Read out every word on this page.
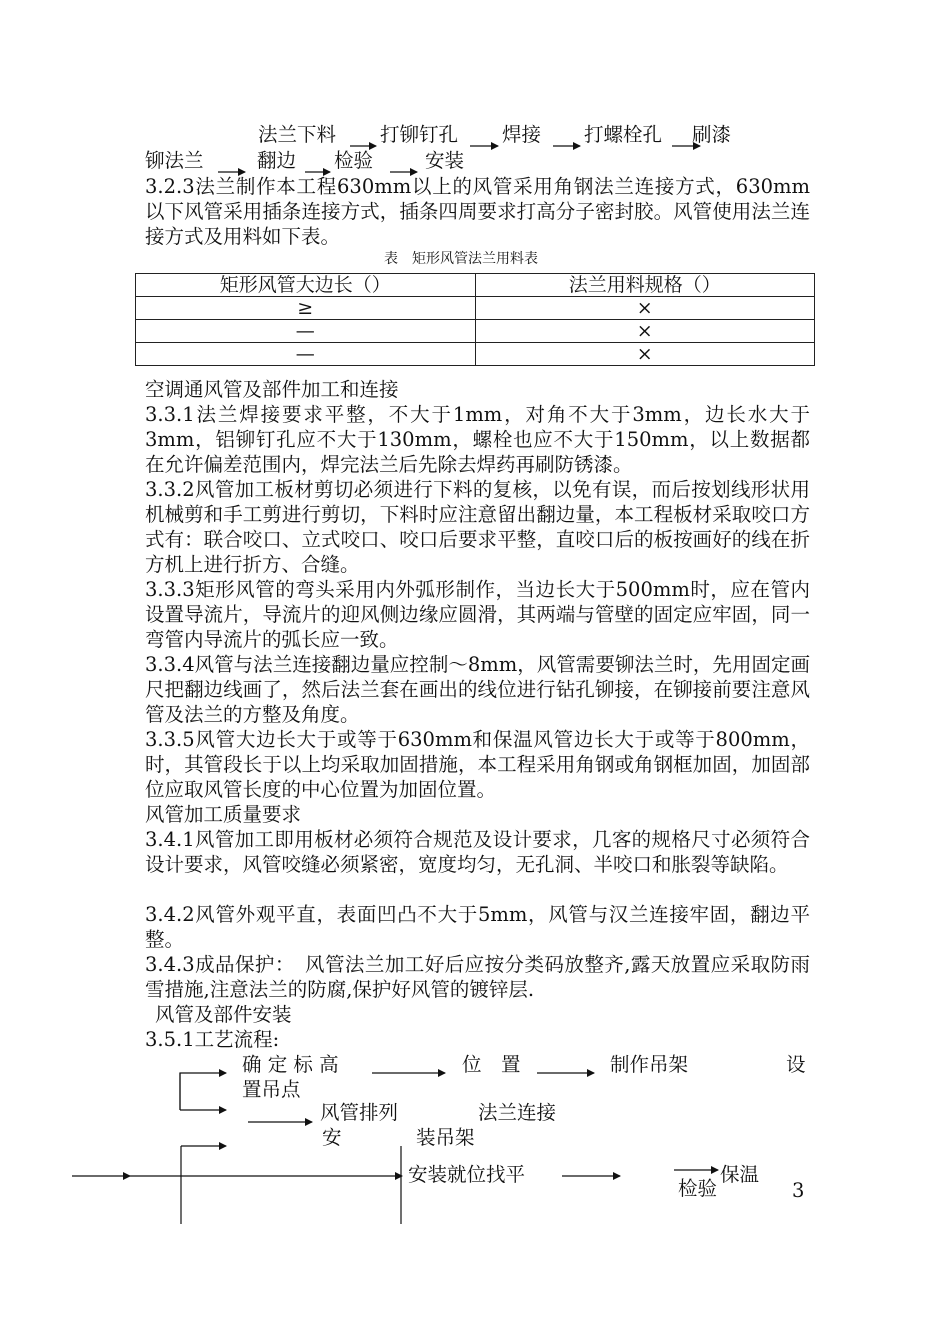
法兰下料 打铆钉孔 焊接 打螺栓孔 刷漆
铆法兰	翻边 检验	安装
3.2.3法兰制作本工程630mm以上的风管采用角钢法兰连接方式，630mm以下风管采用插条连接方式，插条四周要求打高分子密封胶。风管使用法兰连接方式及用料如下表。
表　矩形风管法兰用料表
矩形风管大边长（）	法兰用料规格（）
≥	×
—	×
—	×
空调通风管及部件加工和连接
3.3.1法兰焊接要求平整，不大于1mm，对角不大于3mm，边长水大于3mm，铝铆钉孔应不大于130mm，螺栓也应不大于150mm，以上数据都在允许偏差范围内，焊完法兰后先除去焊药再刷防锈漆。
3.3.2风管加工板材剪切必须进行下料的复核，以免有误，而后按划线形状用机械剪和手工剪进行剪切，下料时应注意留出翻边量，本工程板材采取咬口方式有：联合咬口、立式咬口、咬口后要求平整，直咬口后的板按画好的线在折方机上进行折方、合缝。
3.3.3矩形风管的弯头采用内外弧形制作，当边长大于500mm时，应在管内设置导流片，导流片的迎风侧边缘应圆滑，其两端与管壁的固定应牢固，同一弯管内导流片的弧长应一致。
3.3.4风管与法兰连接翻边量应控制～8mm，风管需要铆法兰时，先用固定画尺把翻边线画了，然后法兰套在画出的线位进行钻孔铆接，在铆接前要注意风管及法兰的方整及角度。
3.3.5风管大边长大于或等于630mm和保温风管边长大于或等于800mm，时，其管段长于以上均采取加固措施，本工程采用角钢或角钢框加固，加固部位应取风管长度的中心位置为加固位置。
风管加工质量要求
3.4.1风管加工即用板材必须符合规范及设计要求，几客的规格尺寸必须符合设计要求，风管咬缝必须紧密，宽度均匀，无孔洞、半咬口和胀裂等缺陷。
3.4.2风管外观平直，表面凹凸不大于5mm，风管与汉兰连接牢固，翻边平整。
3.4.3成品保护：　风管法兰加工好后应按分类码放整齐,露天放置应采取防雨雪措施,注意法兰的防腐,保护好风管的镀锌层.
风管及部件安装
3.5.1工艺流程:
确 定 标 高	位　置	制作吊架	设
置吊点
风管排列	法兰连接
安	装吊架
安装就位找平	保温
检验	3
